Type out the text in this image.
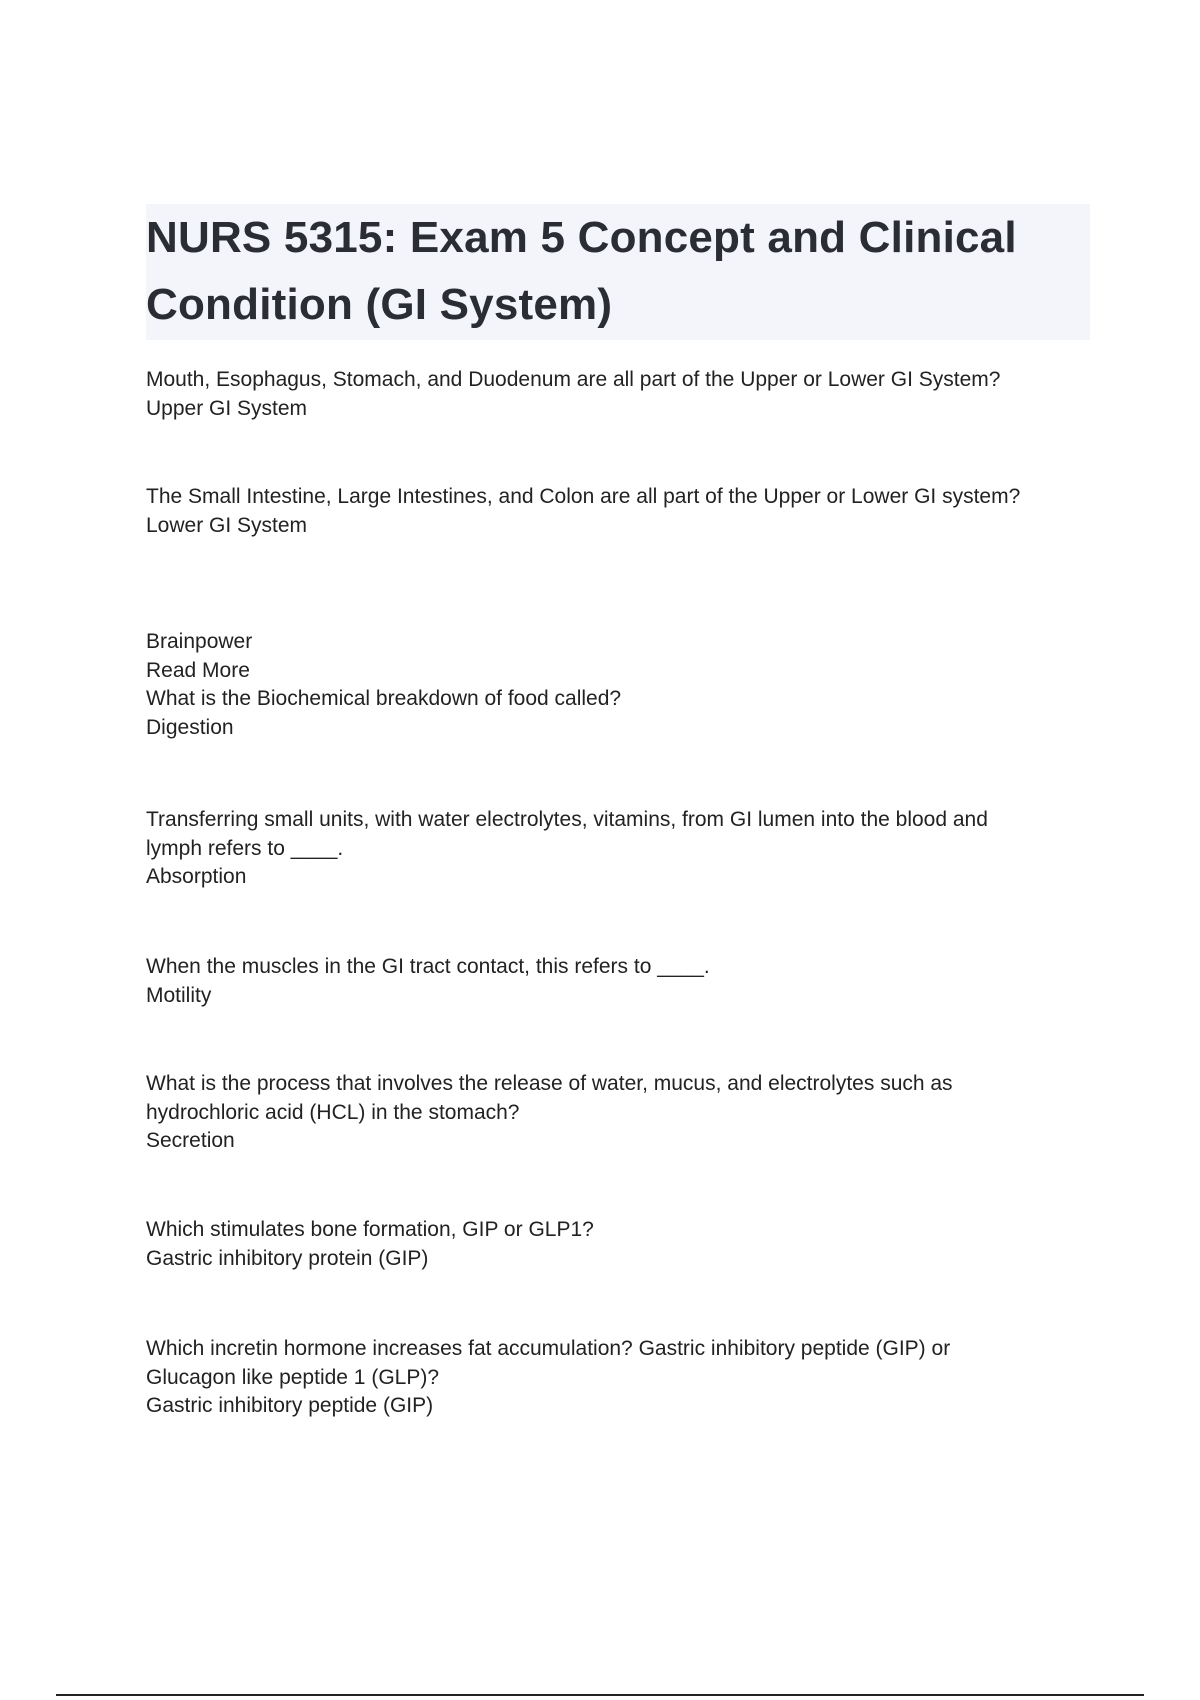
NURS 5315: Exam 5 Concept and Clinical Condition (GI System)

Mouth, Esophagus, Stomach, and Duodenum are all part of the Upper or Lower GI System?

Upper GI System

The Small Intestine, Large Intestines, and Colon are all part of the Upper or Lower GI system?

Lower GI System

Brainpower

Read More

What is the Biochemical breakdown of food called?

Digestion

Transferring small units, with water electrolytes, vitamins, from GI lumen into the blood and

lymph refers to ____.

Absorption

When the muscles in the GI tract contact, this refers to ____.

Motility

What is the process that involves the release of water, mucus, and electrolytes such as

hydrochloric acid (HCL) in the stomach?

Secretion

Which stimulates bone formation, GIP or GLP1?

Gastric inhibitory protein (GIP)

Which incretin hormone increases fat accumulation? Gastric inhibitory peptide (GIP) or

Glucagon like peptide 1 (GLP)?

Gastric inhibitory peptide (GIP)
